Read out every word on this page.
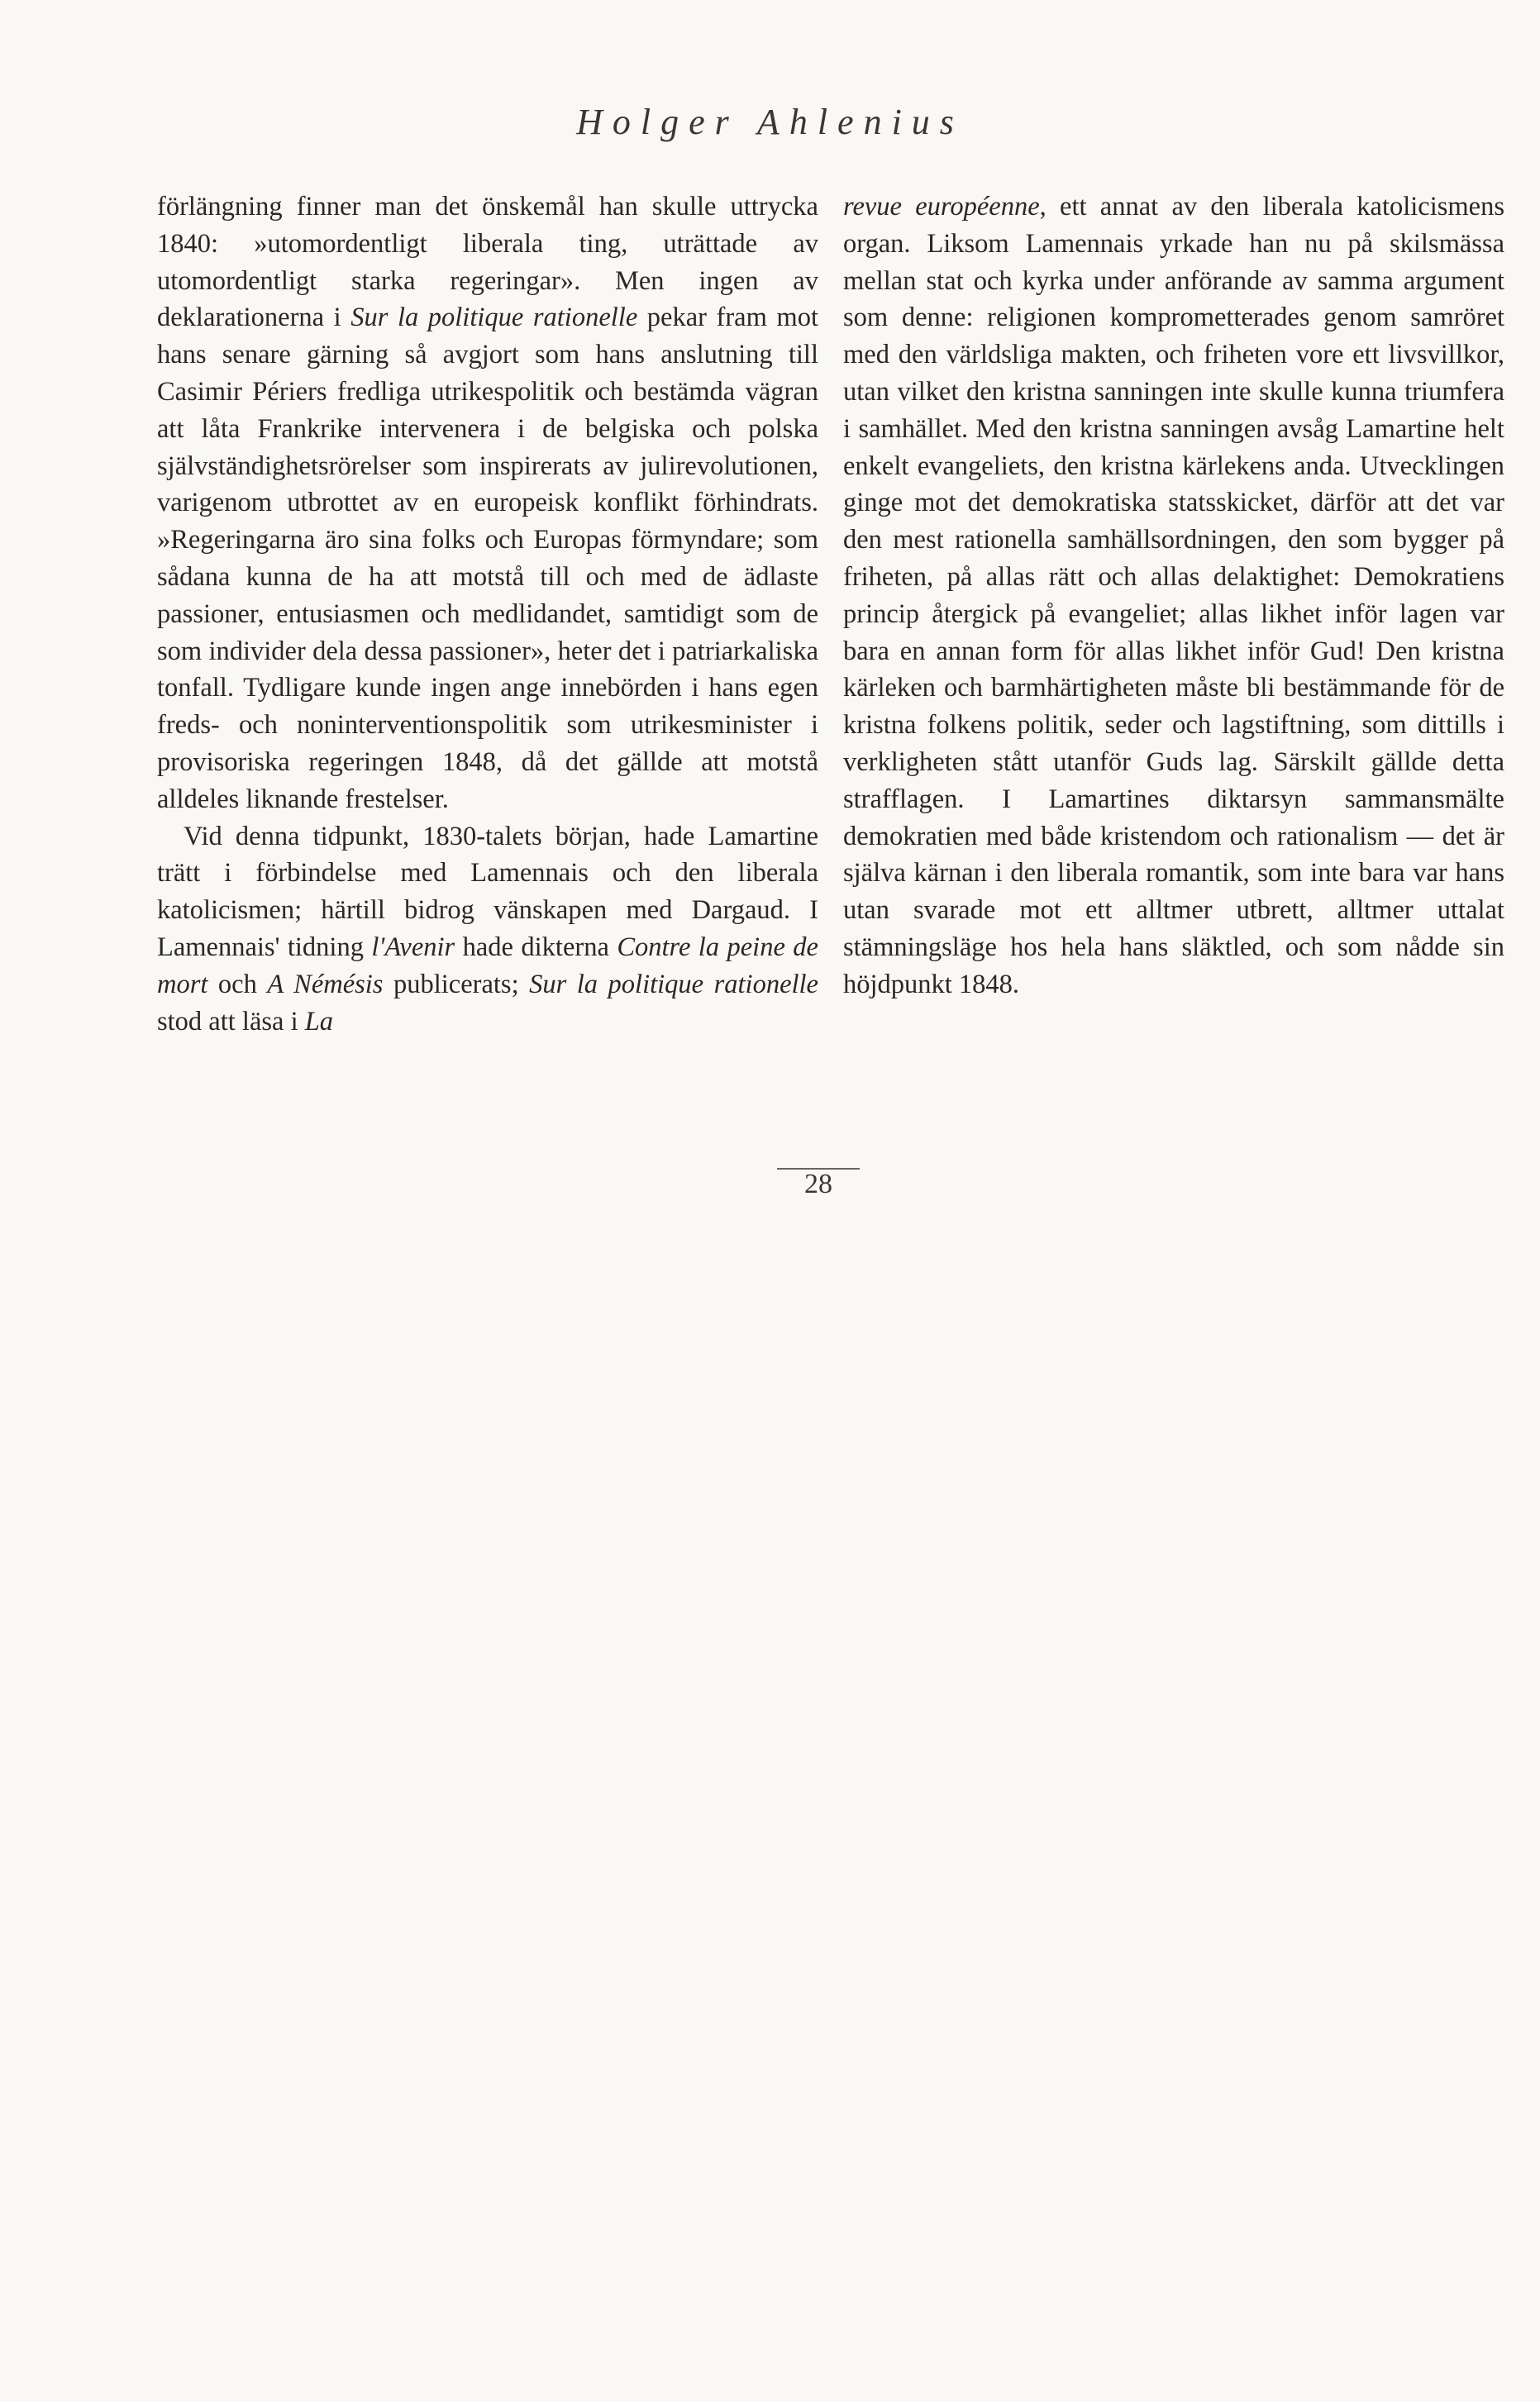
Holger Ahlenius

förlängning finner man det önskemål han skulle uttrycka 1840: »utomordentligt liberala ting, uträttade av utomordentligt starka regeringar». Men ingen av deklarationerna i Sur la politique rationelle pekar fram mot hans senare gärning så avgjort som hans anslutning till Casimir Périers fredliga utrikespolitik och bestämda vägran att låta Frankrike intervenera i de belgiska och polska självständighetsrörelser som inspirerats av julirevolutionen, varigenom utbrottet av en europeisk konflikt förhindrats. »Regeringarna äro sina folks och Europas förmyndare; som sådana kunna de ha att motstå till och med de ädlaste passioner, entusiasmen och medlidandet, samtidigt som de som individer dela dessa passioner», heter det i patriarkaliska tonfall. Tydligare kunde ingen ange innebörden i hans egen freds- och noninterventionspolitik som utrikesminister i provisoriska regeringen 1848, då det gällde att motstå alldeles liknande frestelser.

Vid denna tidpunkt, 1830-talets början, hade Lamartine trätt i förbindelse med Lamennais och den liberala katolicismen; härtill bidrog vänskapen med Dargaud. I Lamennais' tidning l'Avenir hade dikterna Contre la peine de mort och A Némésis publicerats; Sur la politique rationelle stod att läsa i La

revue européenne, ett annat av den liberala katolicismens organ. Liksom Lamennais yrkade han nu på skilsmässa mellan stat och kyrka under anförande av samma argument som denne: religionen komprometterades genom samröret med den världsliga makten, och friheten vore ett livsvillkor, utan vilket den kristna sanningen inte skulle kunna triumfera i samhället. Med den kristna sanningen avsåg Lamartine helt enkelt evangeliets, den kristna kärlekens anda. Utvecklingen ginge mot det demokratiska statsskicket, därför att det var den mest rationella samhällsordningen, den som bygger på friheten, på allas rätt och allas delaktighet: Demokratiens princip återgick på evangeliet; allas likhet inför lagen var bara en annan form för allas likhet inför Gud! Den kristna kärleken och barmhärtigheten måste bli bestämmande för de kristna folkens politik, seder och lagstiftning, som dittills i verkligheten stått utanför Guds lag. Särskilt gällde detta strafflagen. I Lamartines diktarsyn sammansmälte demokratien med både kristendom och rationalism — det är själva kärnan i den liberala romantik, som inte bara var hans utan svarade mot ett alltmer utbrett, alltmer uttalat stämningsläge hos hela hans släktled, och som nådde sin höjdpunkt 1848.

28
